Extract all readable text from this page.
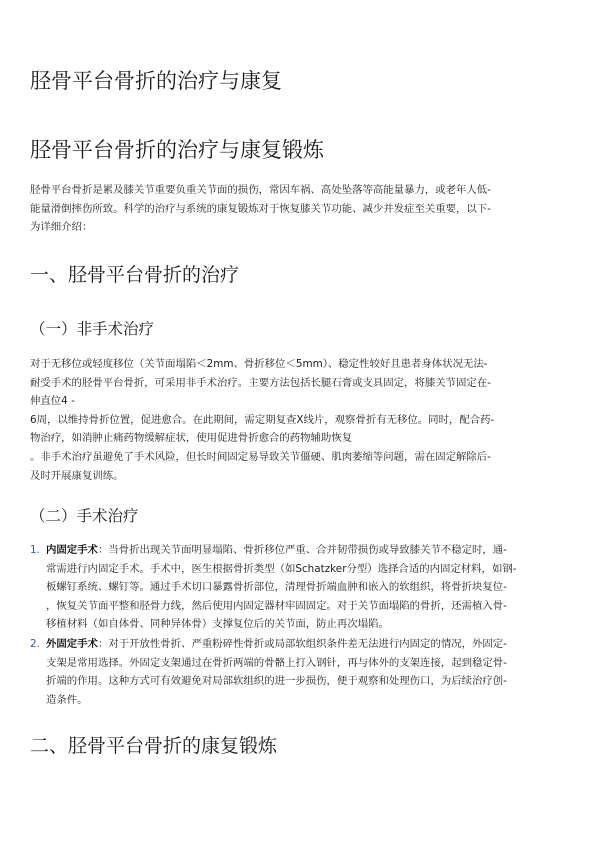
胫骨平台骨折的治疗与康复
胫骨平台骨折的治疗与康复锻炼
胫骨平台骨折是累及膝关节重要负重关节面的损伤，常因车祸、高处坠落等高能量暴力，或老年人低-
能量滑倒摔伤所致。科学的治疗与系统的康复锻炼对于恢复膝关节功能、减少并发症至关重要，以下-
为详细介绍：
一、胫骨平台骨折的治疗
（一）非手术治疗
对于无移位或轻度移位（关节面塌陷＜2mm、骨折移位＜5mm）、稳定性较好且患者身体状况无法-
耐受手术的胫骨平台骨折，可采用非手术治疗。主要方法包括长腿石膏或支具固定，将膝关节固定在-
伸直位4 -
6周，以维持骨折位置，促进愈合。在此期间，需定期复查X线片，观察骨折有无移位。同时，配合药-
物治疗，如消肿止痛药物缓解症状，使用促进骨折愈合的药物辅助恢复
。非手术治疗虽避免了手术风险，但长时间固定易导致关节僵硬、肌肉萎缩等问题，需在固定解除后-
及时开展康复训练。
（二）手术治疗
1. 内固定手术：当骨折出现关节面明显塌陷、骨折移位严重、合并韧带损伤或导致膝关节不稳定时，通-
常需进行内固定手术。手术中，医生根据骨折类型（如Schatzker分型）选择合适的内固定材料，如钢-
板螺钉系统、螺钉等。通过手术切口暴露骨折部位，清理骨折端血肿和嵌入的软组织，将骨折块复位-
，恢复关节面平整和胫骨力线，然后使用内固定器材牢固固定。对于关节面塌陷的骨折，还需植入骨-
移植材料（如自体骨、同种异体骨）支撑复位后的关节面，防止再次塌陷。
2. 外固定手术：对于开放性骨折、严重粉碎性骨折或局部软组织条件差无法进行内固定的情况，外固定-
支架是常用选择。外固定支架通过在骨折两端的骨骼上打入钢针，再与体外的支架连接，起到稳定骨-
折端的作用。这种方式可有效避免对局部软组织的进一步损伤，便于观察和处理伤口，为后续治疗创-
造条件。
二、胫骨平台骨折的康复锻炼
